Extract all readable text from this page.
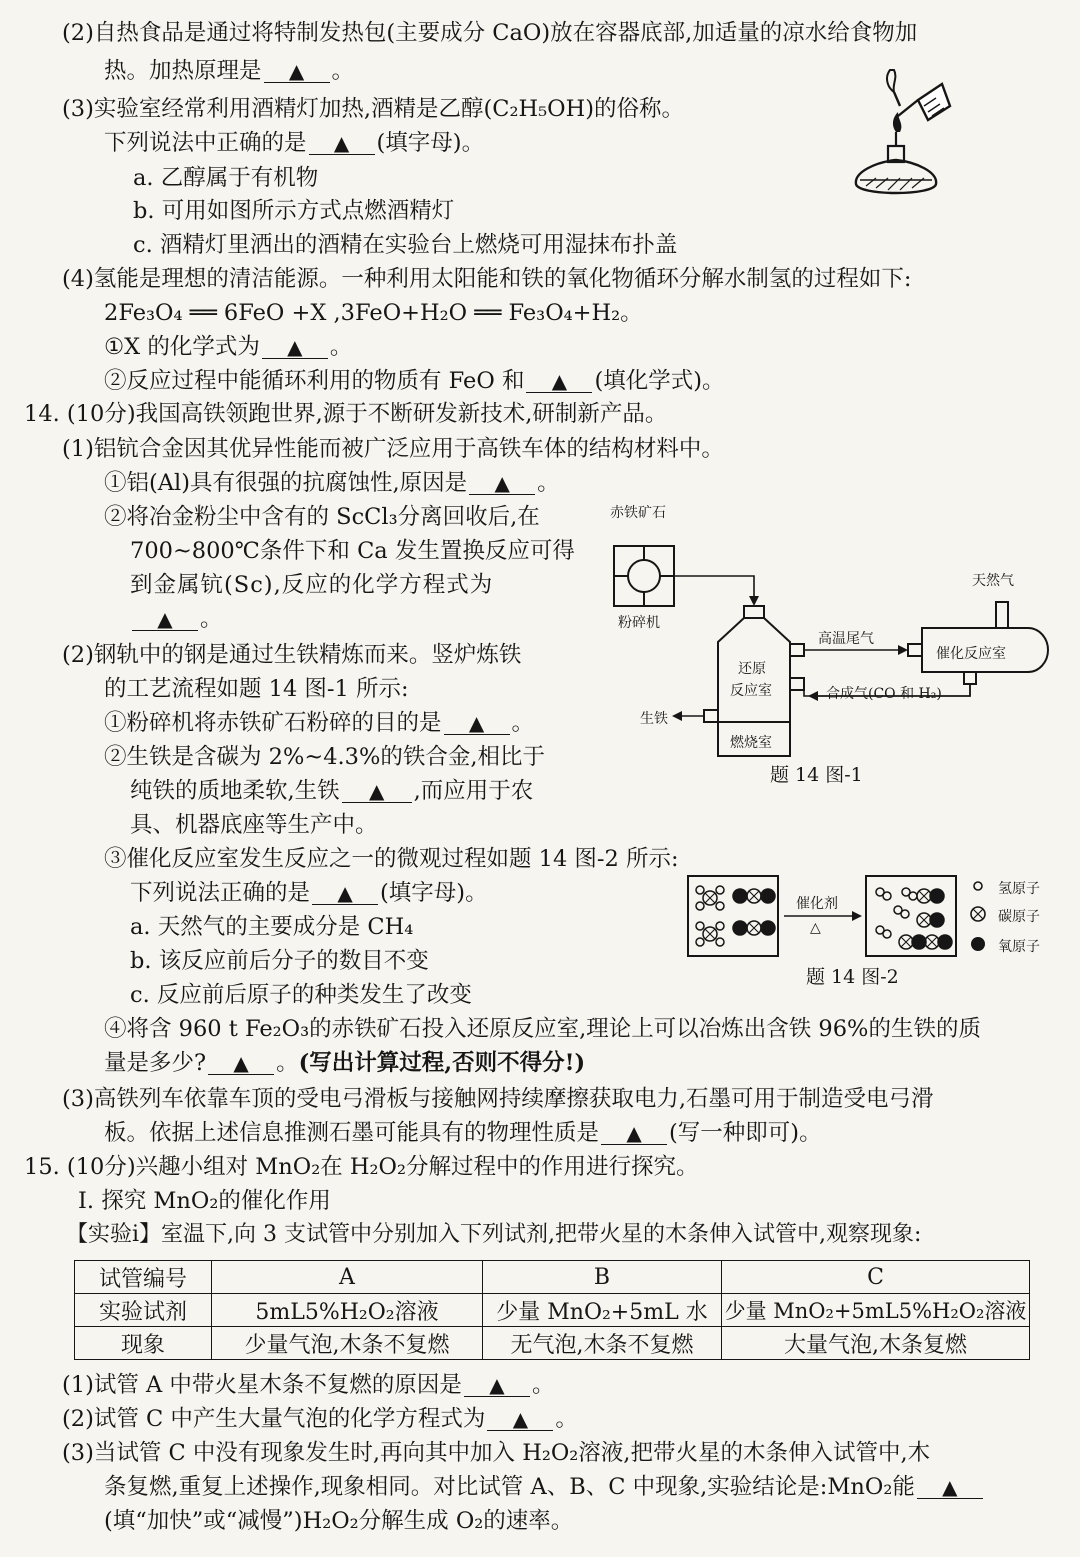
(2)自热食品是通过将特制发热包(主要成分 CaO)放在容器底部,加适量的凉水给食物加
热。加热原理是 ▲ 。
(3)实验室经常利用酒精灯加热,酒精是乙醇(C₂H₅OH)的俗称。
下列说法中正确的是 ▲ (填字母)。
a. 乙醇属于有机物
b. 可用如图所示方式点燃酒精灯
c. 酒精灯里洒出的酒精在实验台上燃烧可用湿抹布扑盖
(4)氢能是理想的清洁能源。一种利用太阳能和铁的氧化物循环分解水制氢的过程如下:
2Fe₃O₄ ══ 6FeO +X ,3FeO+H₂O ══ Fe₃O₄+H₂。
①X 的化学式为 ▲ 。
②反应过程中能循环利用的物质有 FeO 和 ▲ (填化学式)。
14. (10分)我国高铁领跑世界,源于不断研发新技术,研制新产品。
(1)铝钪合金因其优异性能而被广泛应用于高铁车体的结构材料中。
①铝(Al)具有很强的抗腐蚀性,原因是 ▲ 。
②将冶金粉尘中含有的 ScCl₃分离回收后,在
700~800℃条件下和 Ca 发生置换反应可得
到金属钪(Sc),反应的化学方程式为
▲ 。
(2)钢轨中的钢是通过生铁精炼而来。竖炉炼铁
的工艺流程如题 14 图-1 所示:
①粉碎机将赤铁矿石粉碎的目的是 ▲ 。
②生铁是含碳为 2%~4.3%的铁合金,相比于
纯铁的质地柔软,生铁 ▲ ,而应用于农
具、机器底座等生产中。
③催化反应室发生反应之一的微观过程如题 14 图-2 所示:
下列说法正确的是 ▲ (填字母)。
a. 天然气的主要成分是 CH₄
b. 该反应前后分子的数目不变
c. 反应前后原子的种类发生了改变
④将含 960 t Fe₂O₃的赤铁矿石投入还原反应室,理论上可以冶炼出含铁 96%的生铁的质
量是多少? ▲ 。(写出计算过程,否则不得分!)
(3)高铁列车依靠车顶的受电弓滑板与接触网持续摩擦获取电力,石墨可用于制造受电弓滑
板。依据上述信息推测石墨可能具有的物理性质是 ▲ (写一种即可)。
赤铁矿石
粉碎机
天然气
高温尾气
催化反应室
还原
反应室	合成气(CO 和 H₂)
生铁
燃烧室
题 14 图-1
催化剂
△
氢原子
碳原子
氧原子
题 14 图-2
15. (10分)兴趣小组对 MnO₂在 H₂O₂分解过程中的作用进行探究。
Ⅰ. 探究 MnO₂的催化作用
【实验ⅰ】室温下,向 3 支试管中分别加入下列试剂,把带火星的木条伸入试管中,观察现象:
试管编号	A	B	C
实验试剂	5mL5%H₂O₂溶液	少量 MnO₂+5mL 水	少量 MnO₂+5mL5%H₂O₂溶液
现象	少量气泡,木条不复燃	无气泡,木条不复燃	大量气泡,木条复燃
(1)试管 A 中带火星木条不复燃的原因是 ▲ 。
(2)试管 C 中产生大量气泡的化学方程式为 ▲ 。
(3)当试管 C 中没有现象发生时,再向其中加入 H₂O₂溶液,把带火星的木条伸入试管中,木
条复燃,重复上述操作,现象相同。对比试管 A、B、C 中现象,实验结论是:MnO₂能 ▲
(填“加快”或“减慢”)H₂O₂分解生成 O₂的速率。
